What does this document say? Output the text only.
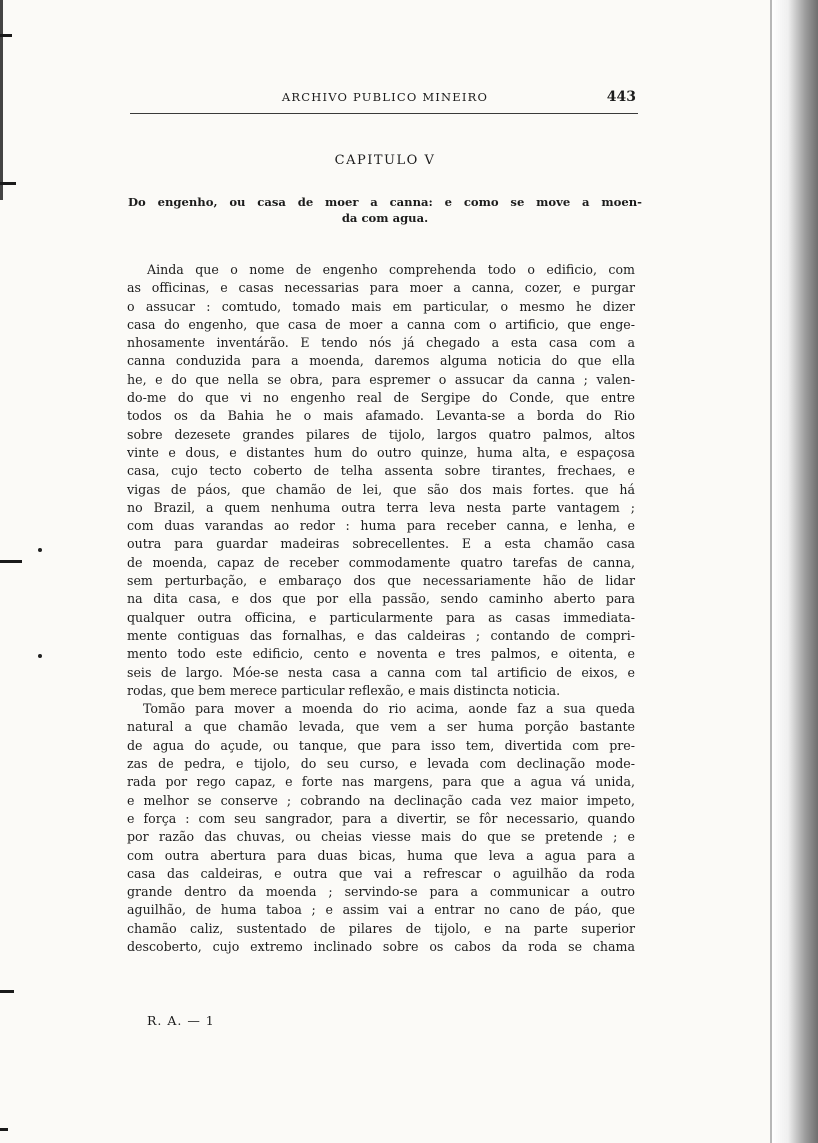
ARCHIVO PUBLICO MINEIRO	443
CAPITULO V
Do engenho, ou casa de moer a canna: e como se move a moen-
da com agua.
Ainda que o nome de engenho comprehenda todo o edificio, com
as officinas, e casas necessarias para moer a canna, cozer, e purgar
o assucar : comtudo, tomado mais em particular, o mesmo he dizer
casa do engenho, que casa de moer a canna com o artificio, que enge-
nhosamente inventárão. E tendo nós já chegado a esta casa com a
canna conduzida para a moenda, daremos alguma noticia do que ella
he, e do que nella se obra, para espremer o assucar da canna ; valen-
do-me do que vi no engenho real de Sergipe do Conde, que entre
todos os da Bahia he o mais afamado. Levanta-se a borda do Rio
sobre dezesete grandes pilares de tijolo, largos quatro palmos, altos
vinte e dous, e distantes hum do outro quinze, huma alta, e espaçosa
casa, cujo tecto coberto de telha assenta sobre tirantes, frechaes, e
vigas de páos, que chamão de lei, que são dos mais fortes. que há
no Brazil, a quem nenhuma outra terra leva nesta parte vantagem ;
com duas varandas ao redor : huma para receber canna, e lenha, e
outra para guardar madeiras sobrecellentes. E a esta chamão casa
de moenda, capaz de receber commodamente quatro tarefas de canna,
sem perturbação, e embaraço dos que necessariamente hão de lidar
na dita casa, e dos que por ella passão, sendo caminho aberto para
qualquer outra officina, e particularmente para as casas immediata-
mente contiguas das fornalhas, e das caldeiras ; contando de compri-
mento todo este edificio, cento e noventa e tres palmos, e oitenta, e
seis de largo. Móe-se nesta casa a canna com tal artificio de eixos, e
rodas, que bem merece particular reflexão, e mais distincta noticia.
Tomão para mover a moenda do rio acima, aonde faz a sua queda
natural a que chamão levada, que vem a ser huma porção bastante
de agua do açude, ou tanque, que para isso tem, divertida com pre-
zas de pedra, e tijolo, do seu curso, e levada com declinação mode-
rada por rego capaz, e forte nas margens, para que a agua vá unida,
e melhor se conserve ; cobrando na declinação cada vez maior impeto,
e força : com seu sangrador, para a divertir, se fôr necessario, quando
por razão das chuvas, ou cheias viesse mais do que se pretende ; e
com outra abertura para duas bicas, huma que leva a agua para a
casa das caldeiras, e outra que vai a refrescar o aguilhão da roda
grande dentro da moenda ; servindo-se para a communicar a outro
aguilhão, de huma taboa ; e assim vai a entrar no cano de páo, que
chamão caliz, sustentado de pilares de tijolo, e na parte superior
descoberto, cujo extremo inclinado sobre os cabos da roda se chama
R. A. — 1
